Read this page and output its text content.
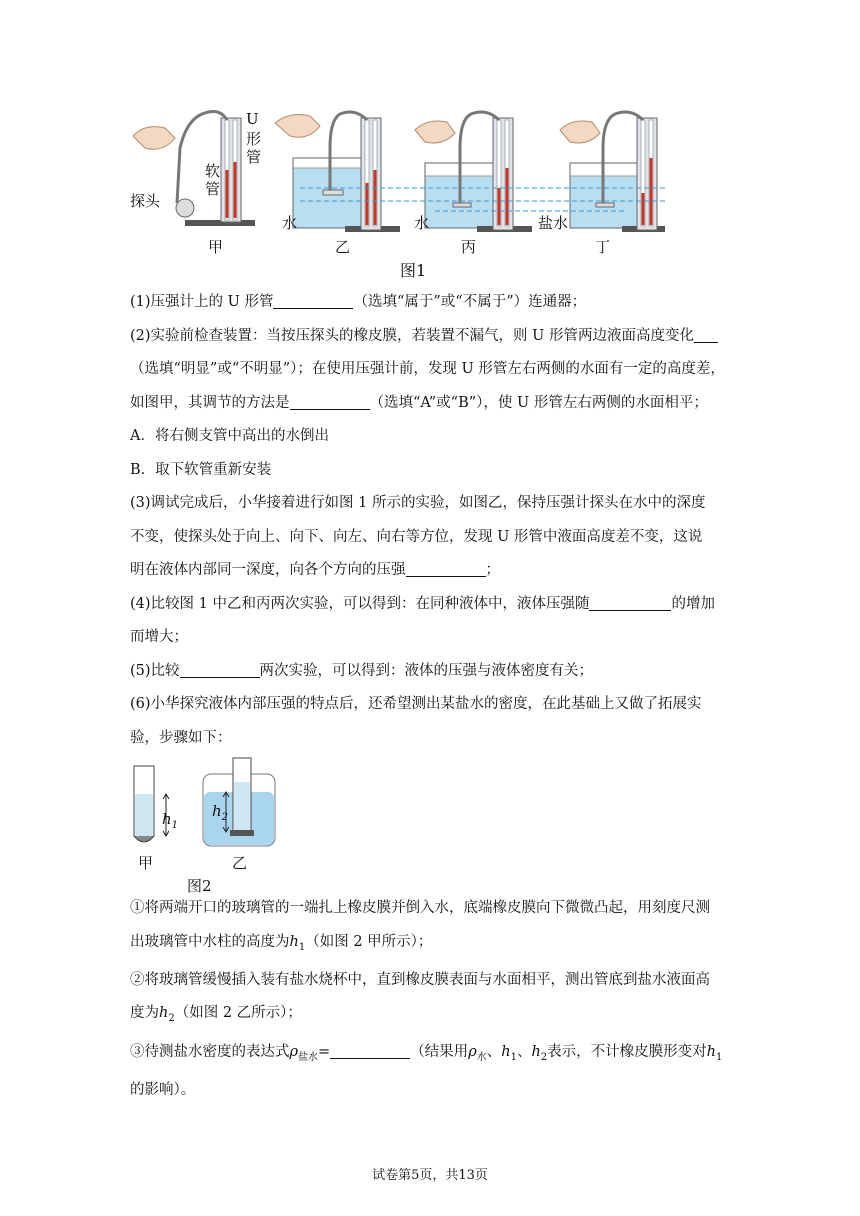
U
形
管
软
管
探头
水	水	盐水
甲	乙	丙	丁
图1
(1)压强计上的 U 形管	（选填“属于”或“不属于”）连通器；
(2)实验前检查装置：当按压探头的橡皮膜，若装置不漏气，则 U 形管两边液面高度变化
（选填“明显”或“不明显”）；在使用压强计前，发现 U 形管左右两侧的水面有一定的高度差，
如图甲，其调节的方法是	（选填“A”或“B”），使 U 形管左右两侧的水面相平；
A．将右侧支管中高出的水倒出
B．取下软管重新安装
(3)调试完成后，小华接着进行如图 1 所示的实验，如图乙，保持压强计探头在水中的深度
不变，使探头处于向上、向下、向左、向右等方位，发现 U 形管中液面高度差不变，这说
明在液体内部同一深度，向各个方向的压强	；
(4)比较图 1 中乙和丙两次实验，可以得到：在同种液体中，液体压强随	的增加
而增大；
(5)比较	两次实验，可以得到：液体的压强与液体密度有关；
(6)小华探究液体内部压强的特点后，还希望测出某盐水的密度，在此基础上又做了拓展实
验，步骤如下：
$h_1$
$h_2$
甲	乙
图2
①将两端开口的玻璃管的一端扎上橡皮膜并倒入水，底端橡皮膜向下微微凸起，用刻度尺测
出玻璃管中水柱的高度为$h_1$（如图 2 甲所示）；
②将玻璃管缓慢插入装有盐水烧杯中，直到橡皮膜表面与水面相平，测出管底到盐水液面高
度为$h_2$（如图 2 乙所示）；
③待测盐水密度的表达式$\rho_{盐水}=$	（结果用$\rho_水$、$h_1$、$h_2$表示，不计橡皮膜形变对$h_1$
的影响）。
试卷第5页，共13页
